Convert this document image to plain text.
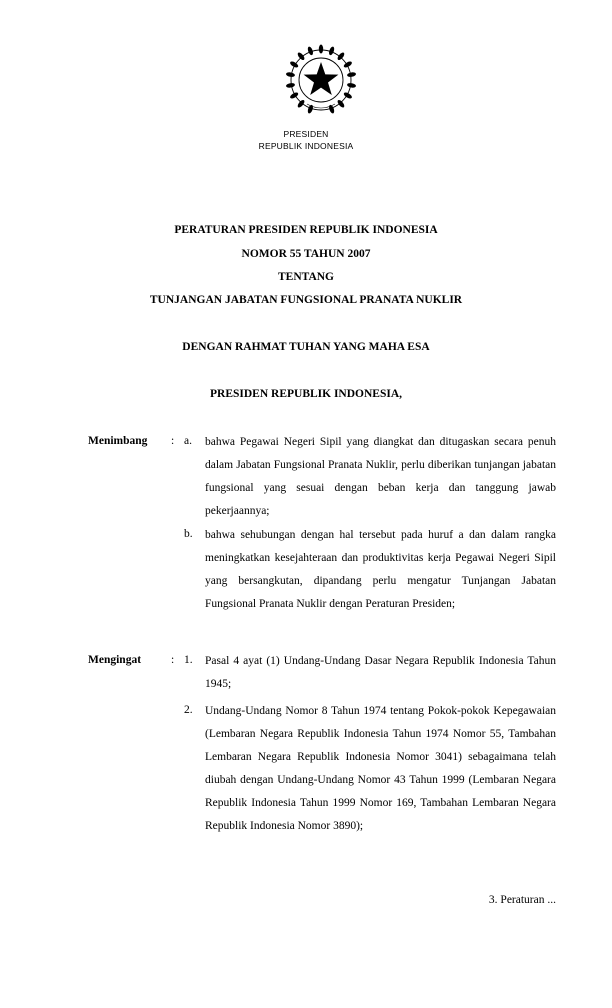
PRESIDEN
REPUBLIK INDONESIA
PERATURAN PRESIDEN REPUBLIK INDONESIA
NOMOR 55 TAHUN 2007
TENTANG
TUNJANGAN JABATAN FUNGSIONAL PRANATA NUKLIR
DENGAN RAHMAT TUHAN YANG MAHA ESA
PRESIDEN REPUBLIK INDONESIA,
Menimbang : a. bahwa Pegawai Negeri Sipil yang diangkat dan ditugaskan secara penuh dalam Jabatan Fungsional Pranata Nuklir, perlu diberikan tunjangan jabatan fungsional yang sesuai dengan beban kerja dan tanggung jawab pekerjaannya;
b. bahwa sehubungan dengan hal tersebut pada huruf a dan dalam rangka meningkatkan kesejahteraan dan produktivitas kerja Pegawai Negeri Sipil yang bersangkutan, dipandang perlu mengatur Tunjangan Jabatan Fungsional Pranata Nuklir dengan Peraturan Presiden;
Mengingat	: 1. Pasal 4 ayat (1) Undang-Undang Dasar Negara Republik Indonesia Tahun 1945;
2. Undang-Undang Nomor 8 Tahun 1974 tentang Pokok-pokok Kepegawaian (Lembaran Negara Republik Indonesia Tahun 1974 Nomor 55, Tambahan Lembaran Negara Republik Indonesia Nomor 3041) sebagaimana telah diubah dengan Undang-Undang Nomor 43 Tahun 1999 (Lembaran Negara Republik Indonesia Tahun 1999 Nomor 169, Tambahan Lembaran Negara Republik Indonesia Nomor 3890);
3. Peraturan ...
